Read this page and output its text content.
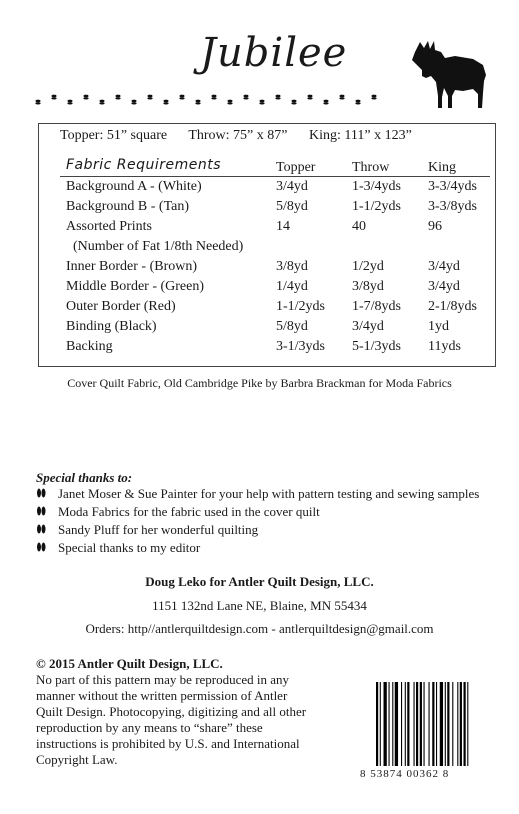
Jubilee
Topper: 51” square Throw: 75” x 87” King: 111” x 123”
Fabric Requirements	Topper	Throw	King
Background A - (White)	3/4yd	1-3/4yds 3-3/4yds
Background B - (Tan)	5/8yd	1-1/2yds 3-3/8yds
Assorted Prints	14	40	96
(Number of Fat 1/8th Needed)
Inner Border - (Brown)	3/8yd	1/2yd	3/4yd
Middle Border - (Green)	1/4yd	3/8yd	3/4yd
Outer Border (Red)	1-1/2yds 1-7/8yds 2-1/8yds
Binding (Black)	5/8yd	3/4yd	1yd
Backing	3-1/3yds 5-1/3yds 11yds
Cover Quilt Fabric, Old Cambridge Pike by Barbra Brackman for Moda Fabrics
Special thanks to:
Janet Moser & Sue Painter for your help with pattern testing and sewing samples
Moda Fabrics for the fabric used in the cover quilt
Sandy Pluff for her wonderful quilting
Special thanks to my editor
Doug Leko for Antler Quilt Design, LLC.
1151 132nd Lane NE, Blaine, MN 55434
Orders: http//antlerquiltdesign.com - antlerquiltdesign@gmail.com
© 2015 Antler Quilt Design, LLC.
No part of this pattern may be reproduced in any manner without the written permission of Antler Quilt Design. Photocopying, digitizing and all other reproduction by any means to “share” these instructions is prohibited by U.S. and International Copyright Law.
8 53874 00362 8
